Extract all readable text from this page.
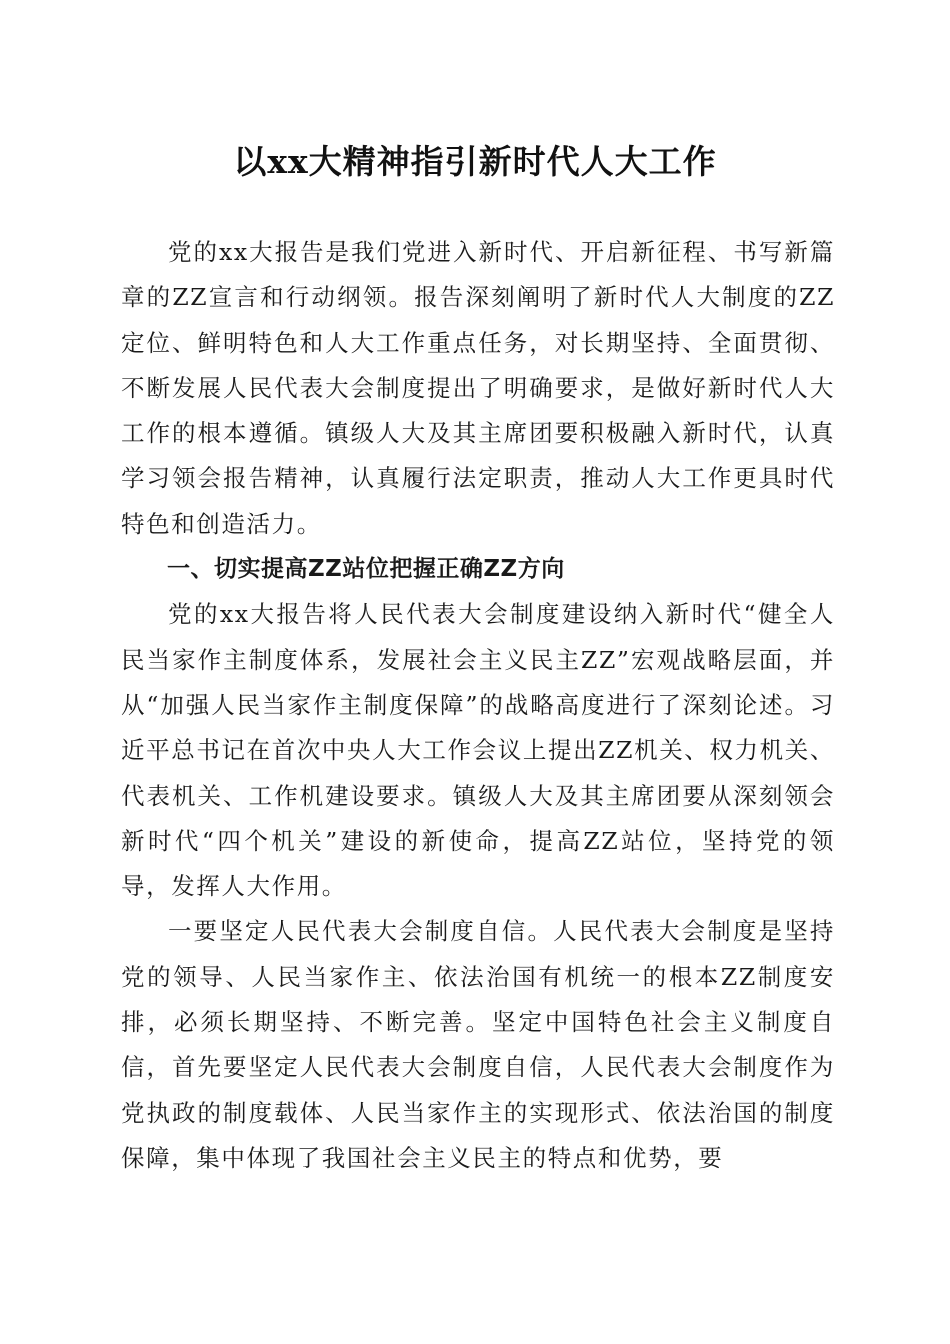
以xx大精神指引新时代人大工作

党的xx大报告是我们党进入新时代、开启新征程、书写新篇章的ZZ宣言和行动纲领。报告深刻阐明了新时代人大制度的ZZ定位、鲜明特色和人大工作重点任务，对长期坚持、全面贯彻、不断发展人民代表大会制度提出了明确要求，是做好新时代人大工作的根本遵循。镇级人大及其主席团要积极融入新时代，认真学习领会报告精神，认真履行法定职责，推动人大工作更具时代特色和创造活力。

一、切实提高ZZ站位把握正确ZZ方向

党的xx大报告将人民代表大会制度建设纳入新时代“健全人民当家作主制度体系，发展社会主义民主ZZ”宏观战略层面，并从“加强人民当家作主制度保障”的战略高度进行了深刻论述。习近平总书记在首次中央人大工作会议上提出ZZ机关、权力机关、代表机关、工作机建设要求。镇级人大及其主席团要从深刻领会新时代“四个机关”建设的新使命，提高ZZ站位，坚持党的领导，发挥人大作用。

一要坚定人民代表大会制度自信。人民代表大会制度是坚持党的领导、人民当家作主、依法治国有机统一的根本ZZ制度安排，必须长期坚持、不断完善。坚定中国特色社会主义制度自信，首先要坚定人民代表大会制度自信，人民代表大会制度作为党执政的制度载体、人民当家作主的实现形式、依法治国的制度保障，集中体现了我国社会主义民主的特点和优势，要
